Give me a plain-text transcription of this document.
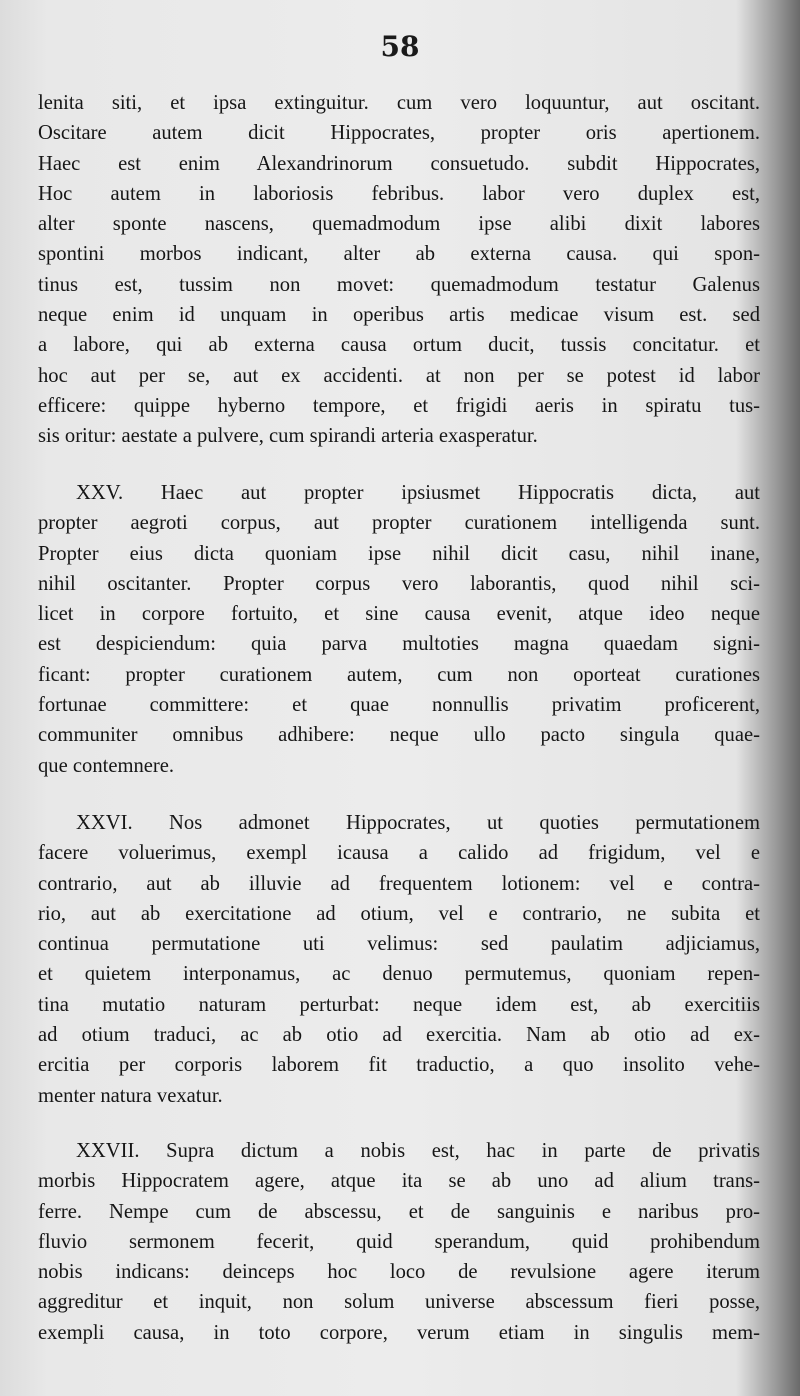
58
lenita siti, et ipsa extinguitur. cum vero loquuntur, aut oscitant.
Oscitare autem dicit Hippocrates, propter oris apertionem.
Haec est enim Alexandrinorum consuetudo. subdit Hippocrates,
Hoc autem in laboriosis febribus. labor vero duplex est,
alter sponte nascens, quemadmodum ipse alibi dixit labores
spontini morbos indicant, alter ab externa causa. qui spon-
tinus est, tussim non movet: quemadmodum testatur Galenus
neque enim id unquam in operibus artis medicae visum est. sed
a labore, qui ab externa causa ortum ducit, tussis concitatur. et
hoc aut per se, aut ex accidenti. at non per se potest id labor
efficere: quippe hyberno tempore, et frigidi aeris in spiratu tus-
sis oritur: aestate a pulvere, cum spirandi arteria exasperatur.
XXV. Haec aut propter ipsiusmet Hippocratis dicta, aut
propter aegroti corpus, aut propter curationem intelligenda sunt.
Propter eius dicta quoniam ipse nihil dicit casu, nihil inane,
nihil oscitanter. Propter corpus vero laborantis, quod nihil sci-
licet in corpore fortuito, et sine causa evenit, atque ideo neque
est despiciendum: quia parva multoties magna quaedam signi-
ficant: propter curationem autem, cum non oporteat curationes
fortunae committere: et quae nonnullis privatim proficerent,
communiter omnibus adhibere: neque ullo pacto singula quae-
que contemnere.
XXVI. Nos admonet Hippocrates, ut quoties permutationem
facere voluerimus, exempl icausa a calido ad frigidum, vel e
contrario, aut ab illuvie ad frequentem lotionem: vel e contra-
rio, aut ab exercitatione ad otium, vel e contrario, ne subita et
continua permutatione uti velimus: sed paulatim adjiciamus,
et quietem interponamus, ac denuo permutemus, quoniam repen-
tina mutatio naturam perturbat: neque idem est, ab exercitiis
ad otium traduci, ac ab otio ad exercitia. Nam ab otio ad ex-
ercitia per corporis laborem fit traductio, a quo insolito vehe-
menter natura vexatur.
XXVII. Supra dictum a nobis est, hac in parte de privatis
morbis Hippocratem agere, atque ita se ab uno ad alium trans-
ferre. Nempe cum de abscessu, et de sanguinis e naribus pro-
fluvio sermonem fecerit, quid sperandum, quid prohibendum
nobis indicans: deinceps hoc loco de revulsione agere iterum
aggreditur et inquit, non solum universe abscessum fieri posse,
exempli causa, in toto corpore, verum etiam in singulis mem-
